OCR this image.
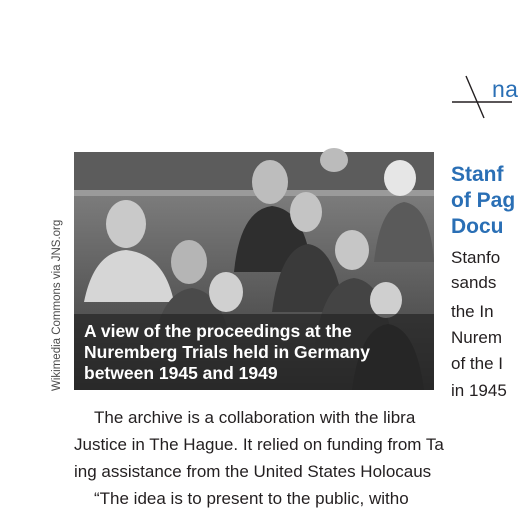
na
Wikimedia Commons via JNS.org A view of the proceedings at the
Nuremberg Trials held in Germany
between 1945 and 1949
Stanf
of Pag
Docu
Stanfo
sands
the In
Nurem
of the I
in 1945
The archive is a collaboration with the libra
Justice in The Hague. It relied on funding from Ta
ing assistance from the United States Holocaus
“The idea is to present to the public, witho
